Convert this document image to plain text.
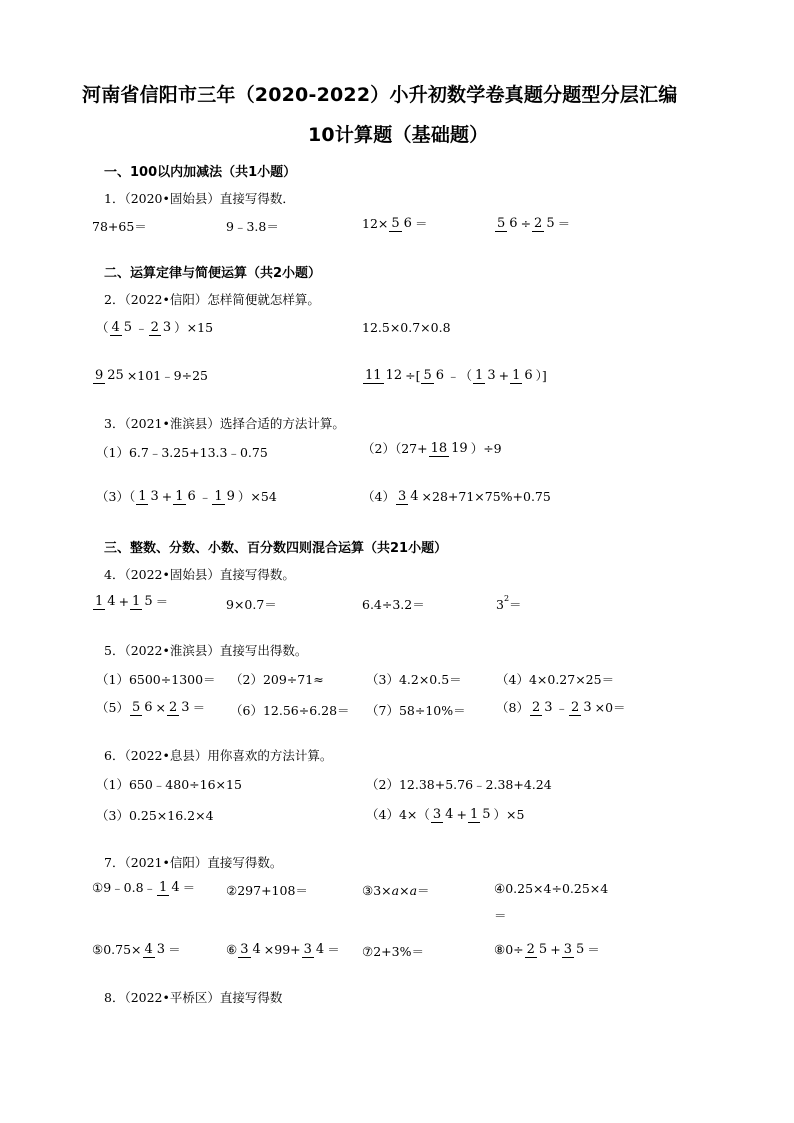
河南省信阳市三年（2020-2022）小升初数学卷真题分题型分层汇编
10计算题（基础题）
一、100以内加减法（共1小题）
1．（2020•固始县）直接写得数．
78+65＝	9﹣3.8＝	12× 5 6 ＝	5 6 ÷ 2 5 ＝
二、运算定律与简便运算（共2小题）
2．（2022•信阳）怎样简便就怎样算。
（ 4 5 ﹣ 2 3 ）×15	12.5×0.7×0.8
9 25 ×101﹣9÷25	11 12 ÷[ 5 6 ﹣（ 1 3 + 1 6 ）]
3．（2021•淮滨县）选择合适的方法计算。
（1）6.7﹣3.25+13.3﹣0.75	（2）（27+ 18 19 ）÷9
（3）（ 1 3 + 1 6 ﹣ 1 9 ）×54	（4） 3 4 ×28+71×75%+0.75
三、整数、分数、小数、百分数四则混合运算（共21小题）
4．（2022•固始县）直接写得数。
1 4 + 1 5 ＝	9×0.7＝	6.4÷3.2＝	3 2 ＝
5．（2022•淮滨县）直接写出得数。
（1）6500÷1300＝ （2）209÷71≈	（3）4.2×0.5＝	（4）4×0.27×25＝
（5） 5 6 × 2 3 ＝ （6）12.56÷6.28＝ （7）58÷10%＝ （8） 2 3 ﹣ 2 3 ×0＝
6．（2022•息县）用你喜欢的方法计算。
（1）650﹣480÷16×15	（2）12.38+5.76﹣2.38+4.24
（3）0.25×16.2×4	（4）4×（ 3 4 + 1 5 ）×5
7．（2021•信阳）直接写得数。
①9﹣0.8﹣ 1 4 ＝ ②297+108＝	③3× a × a ＝	④0.25×4÷0.25×4
＝
⑤0.75× 4 3 ＝	⑥ 3 4 ×99+ 3 4 ＝ ⑦2+3%＝	⑧0÷ 2 5 + 3 5 ＝
8．（2022•平桥区）直接写得数
